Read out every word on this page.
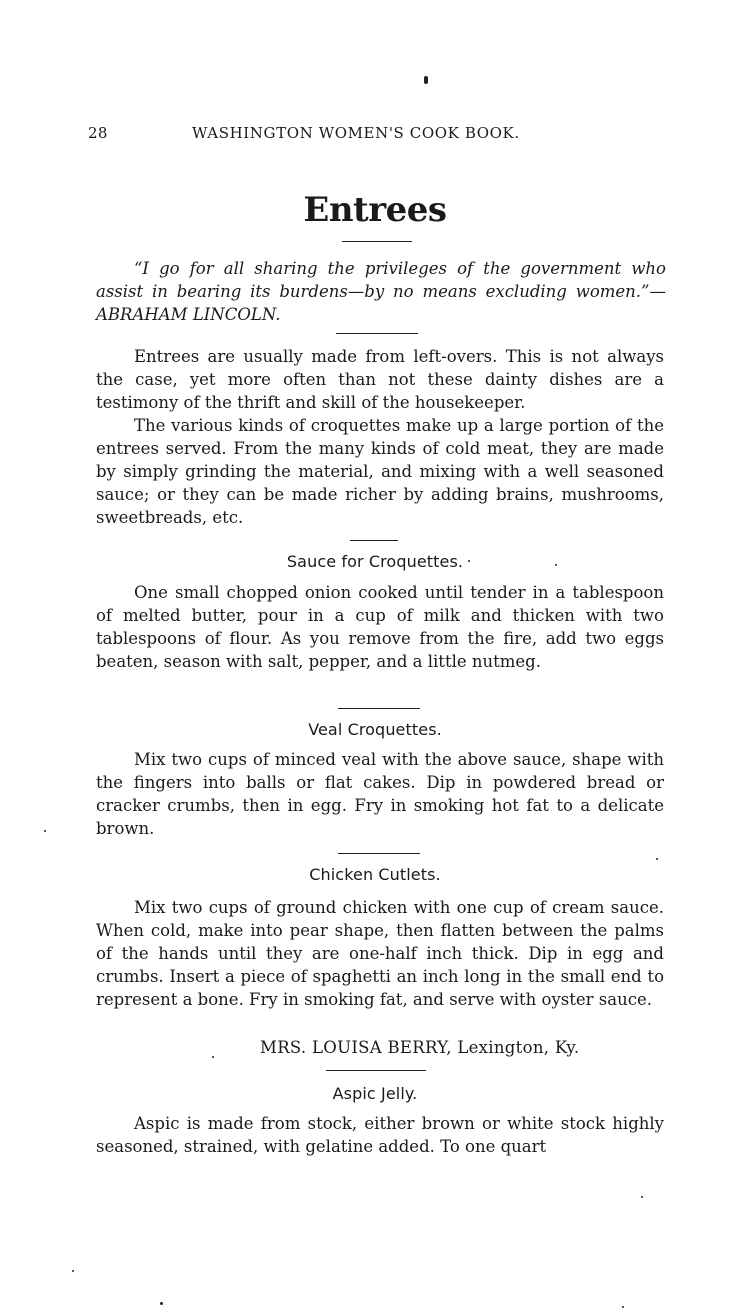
28	WASHINGTON WOMEN'S COOK BOOK.
Entrees
“I go for all sharing the privileges of the government who assist in bearing its burdens—by no means excluding women.”—ABRAHAM LINCOLN.

Entrees are usually made from left-overs. This is not always the case, yet more often than not these dainty dishes are a testimony of the thrift and skill of the housekeeper.

The various kinds of croquettes make up a large portion of the entrees served. From the many kinds of cold meat, they are made by simply grinding the material, and mixing with a well seasoned sauce; or they can be made richer by adding brains, mushrooms, sweetbreads, etc.

Sauce for Croquettes.

One small chopped onion cooked until tender in a tablespoon of melted butter, pour in a cup of milk and thicken with two tablespoons of flour. As you remove from the fire, add two eggs beaten, season with salt, pepper, and a little nutmeg.

Veal Croquettes.

Mix two cups of minced veal with the above sauce, shape with the fingers into balls or flat cakes. Dip in powdered bread or cracker crumbs, then in egg. Fry in smoking hot fat to a delicate brown.

Chicken Cutlets.

Mix two cups of ground chicken with one cup of cream sauce. When cold, make into pear shape, then flatten between the palms of the hands until they are one-half inch thick. Dip in egg and crumbs. Insert a piece of spaghetti an inch long in the small end to represent a bone. Fry in smoking fat, and serve with oyster sauce.

MRS. LOUISA BERRY, Lexington, Ky.
Aspic Jelly.

Aspic is made from stock, either brown or white stock highly seasoned, strained, with gelatine added. To one quart
